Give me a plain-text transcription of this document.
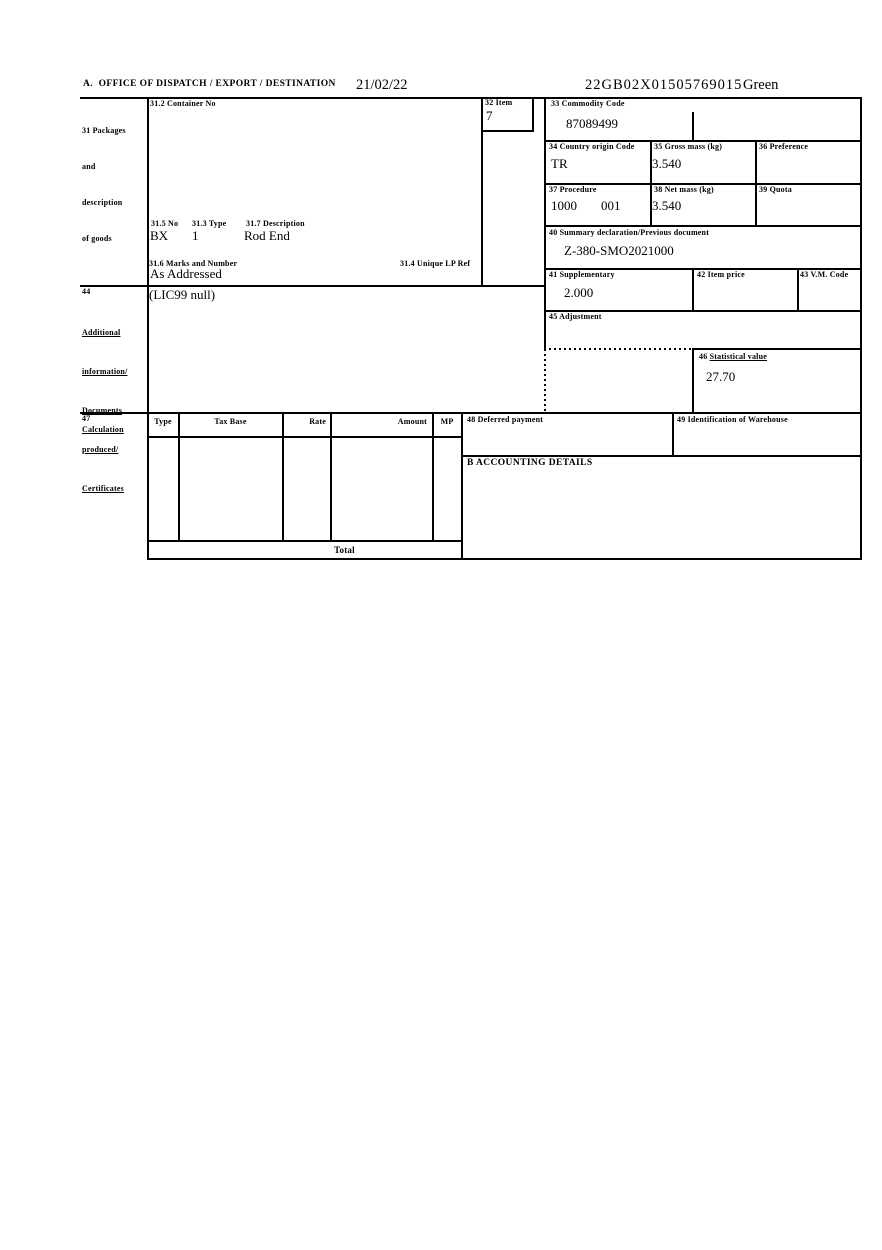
A.  OFFICE OF DISPATCH / EXPORT / DESTINATION 21/02/22	22GB02X01505769015 Green

31 Packages

and

description

of goods

31.2 Container No
31.5 No 31.3 Type 31.7 Description
BX 1	Rod End
31.6 Marks and Number	31.4 Unique LP Ref
As Addressed
32 Item
7
33 Commodity Code
87089499
34 Country origin Code
TR
35 Gross mass (kg)
3.540
36 Preference
37 Procedure
1000 001
38 Net mass (kg)
3.540
39 Quota
40 Summary declaration/Previous document
Z-380-SMO2021000
41 Supplementary
2.000
42 Item price	43 V.M. Code
44

Additional

information/

Documents

produced/

Certificates

(LIC99 null)
45 Adjustment
46 Statistical value
27.70
47
Calculation
Type	Tax Base	Rate	Amount	MP
Total
48 Deferred payment	49 Identification of Warehouse
B ACCOUNTING DETAILS
